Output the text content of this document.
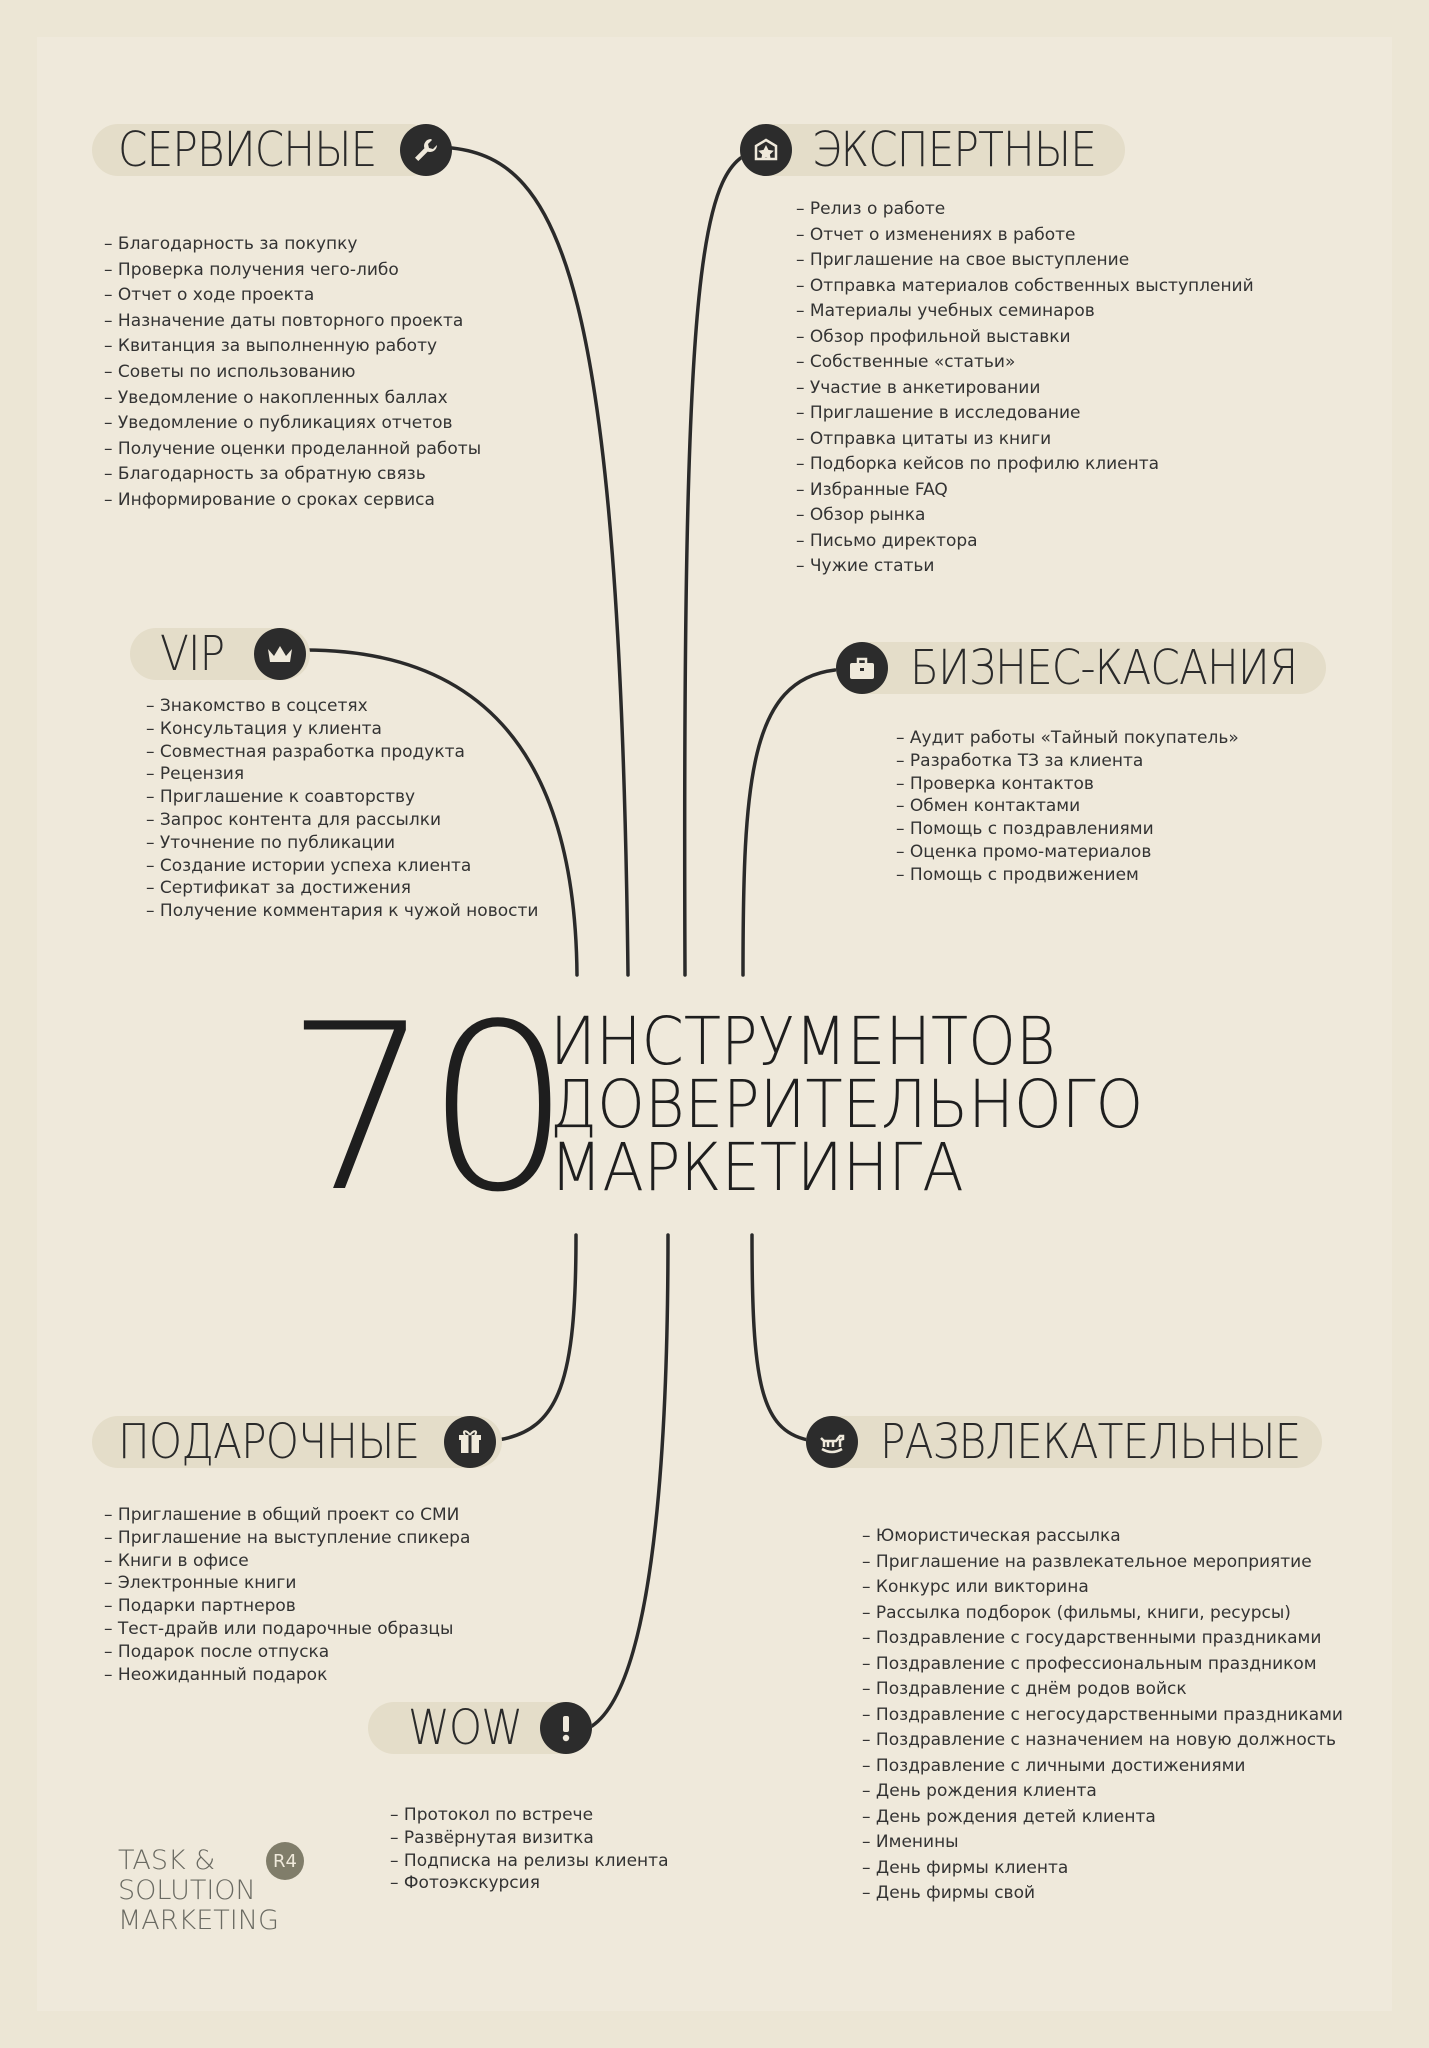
СЕРВИСНЫЕ
– Благодарность за покупку
– Проверка получения чего-либо
– Отчет о ходе проекта
– Назначение даты повторного проекта
– Квитанция за выполненную работу
– Советы по использованию
– Уведомление о накопленных баллах
– Уведомление о публикациях отчетов
– Получение оценки проделанной работы
– Благодарность за обратную связь
– Информирование о сроках сервиса
ЭКСПЕРТНЫЕ
– Релиз о работе
– Отчет о изменениях в работе
– Приглашение на свое выступление
– Отправка материалов собственных выступлений
– Материалы учебных семинаров
– Обзор профильной выставки
– Собственные «статьи»
– Участие в анкетировании
– Приглашение в исследование
– Отправка цитаты из книги
– Подборка кейсов по профилю клиента
– Избранные FAQ
– Обзор рынка
– Письмо директора
– Чужие статьи
VIP
– Знакомство в соцсетях
– Консультация у клиента
– Совместная разработка продукта
– Рецензия
– Приглашение к соавторству
– Запрос контента для рассылки
– Уточнение по публикации
– Создание истории успеха клиента
– Сертификат за достижения
– Получение комментария к чужой новости
БИЗНЕС-КАСАНИЯ
– Аудит работы «Тайный покупатель»
– Разработка ТЗ за клиента
– Проверка контактов
– Обмен контактами
– Помощь с поздравлениями
– Оценка промо-материалов
– Помощь с продвижением
70
ИНСТРУМЕНТОВ
ДОВЕРИТЕЛЬНОГО
МАРКЕТИНГА
ПОДАРОЧНЫЕ
– Приглашение в общий проект со СМИ
– Приглашение на выступление спикера
– Книги в офисе
– Электронные книги
– Подарки партнеров
– Тест-драйв или подарочные образцы
– Подарок после отпуска
– Неожиданный подарок
РАЗВЛЕКАТЕЛЬНЫЕ
– Юмористическая рассылка
– Приглашение на развлекательное мероприятие
– Конкурс или викторина
– Рассылка подборок (фильмы, книги, ресурсы)
– Поздравление с государственными праздниками
– Поздравление с профессиональным праздником
– Поздравление с днём родов войск
– Поздравление с негосударственными праздниками
– Поздравление с назначением на новую должность
– Поздравление с личными достижениями
– День рождения клиента
– День рождения детей клиента
– Именины
– День фирмы клиента
– День фирмы свой
WOW
– Протокол по встрече
– Развёрнутая визитка
– Подписка на релизы клиента
– Фотоэкскурсия
TASK &
SOLUTION
MARKETING
R4
